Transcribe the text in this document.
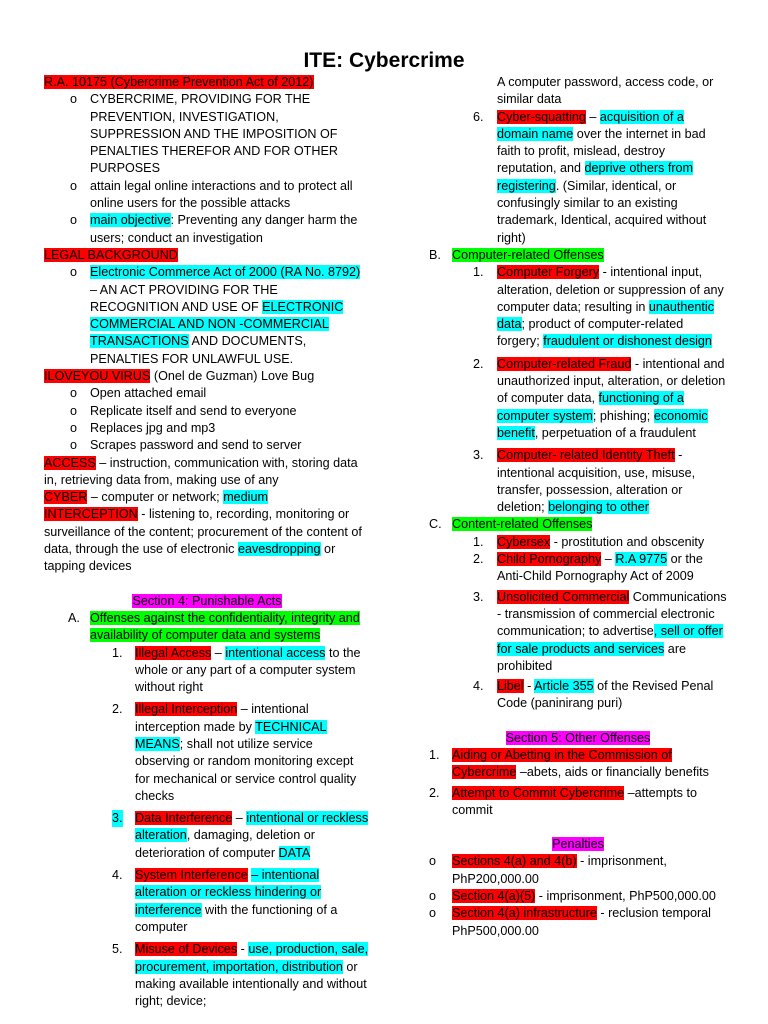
ITE: Cybercrime
R.A. 10175 (Cybercrime Prevention Act of 2012)
o CYBERCRIME, PROVIDING FOR THE PREVENTION, INVESTIGATION, SUPPRESSION AND THE IMPOSITION OF PENALTIES THEREFOR AND FOR OTHER PURPOSES
o attain legal online interactions and to protect all online users for the possible attacks
o main objective: Preventing any danger harm the users; conduct an investigation
LEGAL BACKGROUND
o Electronic Commerce Act of 2000 (RA No. 8792) – AN ACT PROVIDING FOR THE RECOGNITION AND USE OF ELECTRONIC COMMERCIAL AND NON -COMMERCIAL TRANSACTIONS AND DOCUMENTS, PENALTIES FOR UNLAWFUL USE.
ILOVEYOU VIRUS (Onel de Guzman) Love Bug
o Open attached email
o Replicate itself and send to everyone
o Replaces jpg and mp3
o Scrapes password and send to server
ACCESS – instruction, communication with, storing data in, retrieving data from, making use of any
CYBER – computer or network; medium
INTERCEPTION - listening to, recording, monitoring or surveillance of the content; procurement of the content of data, through the use of electronic eavesdropping or tapping devices
Section 4: Punishable Acts
A. Offenses against the confidentiality, integrity and availability of computer data and systems
1. Illegal Access – intentional access to the whole or any part of a computer system without right
2. Illegal Interception – intentional interception made by TECHNICAL MEANS; shall not utilize service observing or random monitoring except for mechanical or service control quality checks
3. Data Interference – intentional or reckless alteration, damaging, deletion or deterioration of computer DATA
4. System Interference – intentional alteration or reckless hindering or interference with the functioning of a computer
5. Misuse of Devices - use, production, sale, procurement, importation, distribution or making available intentionally and without right; device;
A computer password, access code, or similar data
6. Cyber-squatting – acquisition of a domain name over the internet in bad faith to profit, mislead, destroy reputation, and deprive others from registering. (Similar, identical, or confusingly similar to an existing trademark, Identical, acquired without right)
B. Computer-related Offenses
1. Computer Forgery - intentional input, alteration, deletion or suppression of any computer data; resulting in unauthentic data; product of computer-related forgery; fraudulent or dishonest design
2. Computer-related Fraud - intentional and unauthorized input, alteration, or deletion of computer data, functioning of a computer system; phishing; economic benefit, perpetuation of a fraudulent
3. Computer- related Identity Theft - intentional acquisition, use, misuse, transfer, possession, alteration or deletion; belonging to other
C. Content-related Offenses
1. Cybersex - prostitution and obscenity
2. Child Pornography – R.A 9775 or the Anti-Child Pornography Act of 2009
3. Unsolicited Commercial Communications - transmission of commercial electronic communication; to advertise, sell or offer for sale products and services are prohibited
4. Libel - Article 355 of the Revised Penal Code (paninirang puri)
Section 5: Other Offenses
1. Aiding or Abetting in the Commission of Cybercrime –abets, aids or financially benefits
2. Attempt to Commit Cybercrime –attempts to commit
Penalties
o Sections 4(a) and 4(b) - imprisonment, PhP200,000.00
o Section 4(a)(5) - imprisonment, PhP500,000.00
o Section 4(a) infrastructure - reclusion temporal PhP500,000.00
